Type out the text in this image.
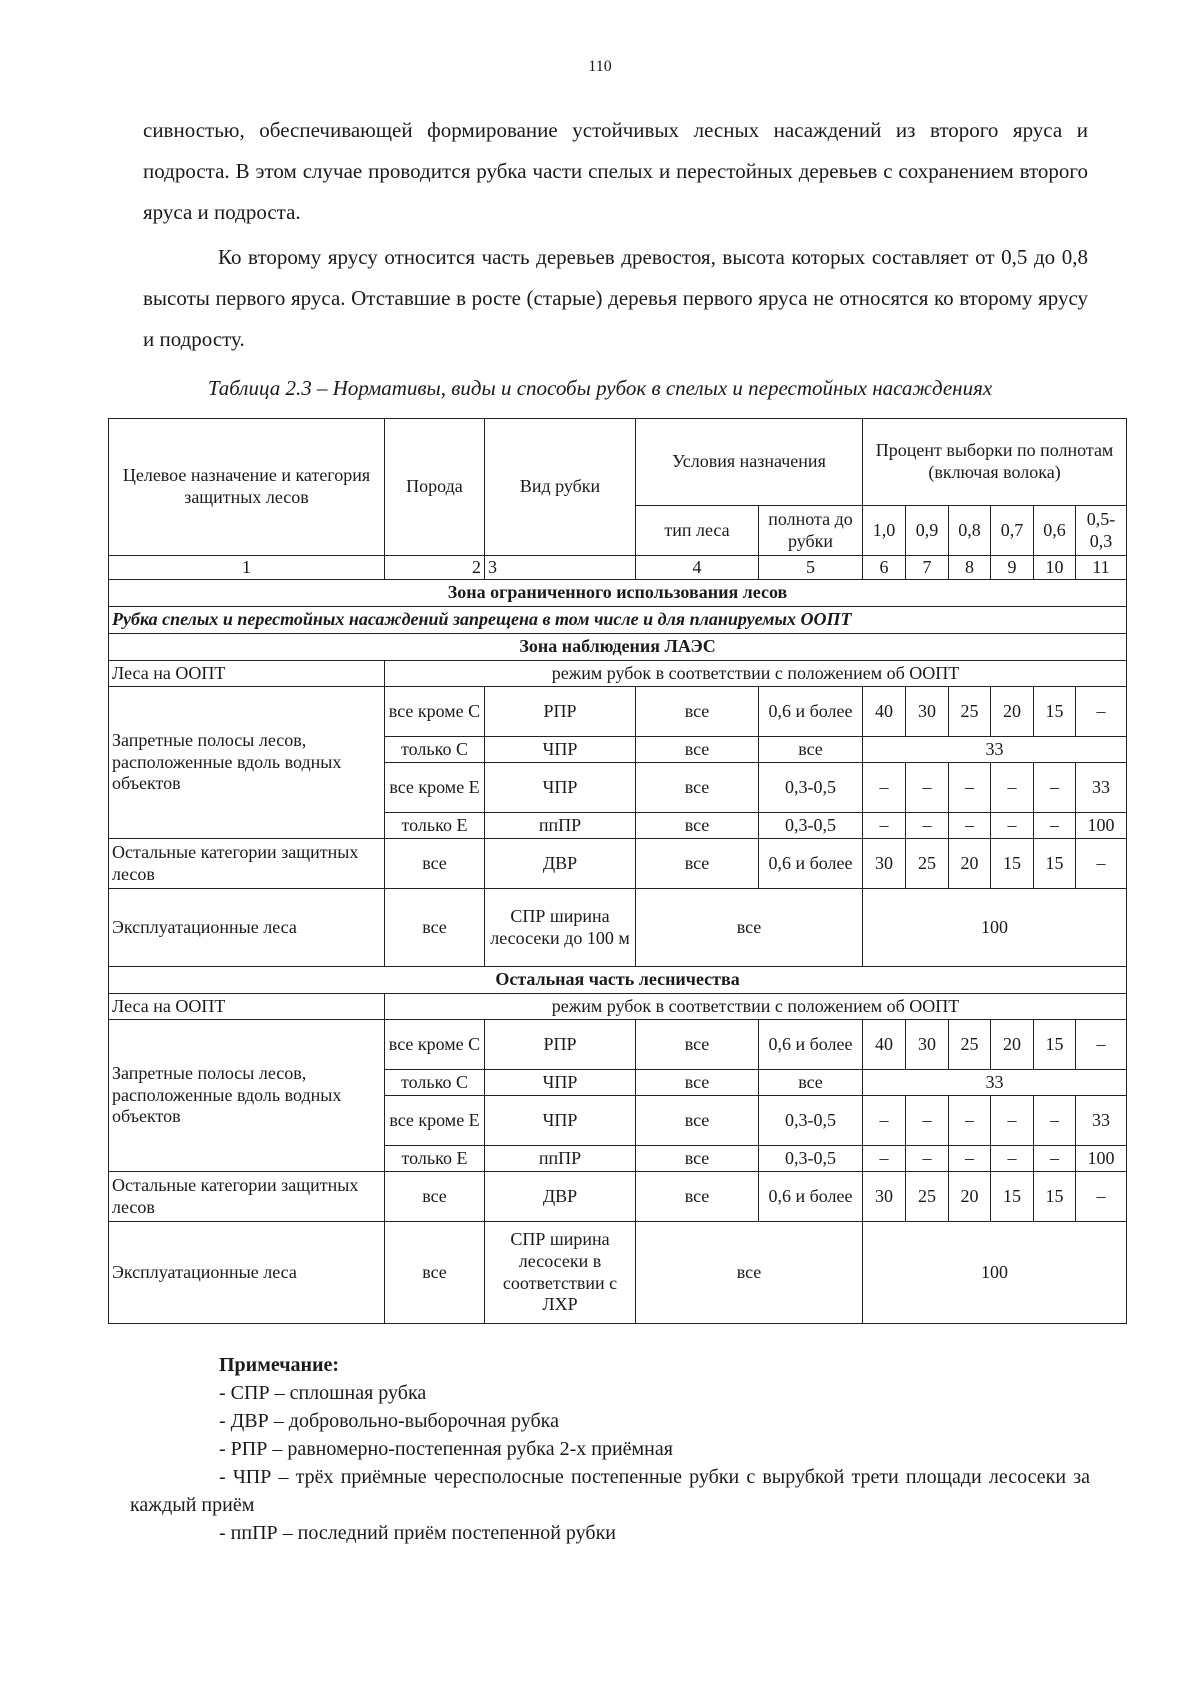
110

сивностью, обеспечивающей формирование устойчивых лесных насаждений из второго яруса и подроста. В этом случае проводится рубка части спелых и перестойных деревьев с сохранением второго яруса и подроста.

Ко второму ярусу относится часть деревьев древостоя, высота которых составляет от 0,5 до 0,8 высоты первого яруса. Отставшие в росте (старые) деревья первого яруса не относятся ко второму ярусу и подросту.

Таблица 2.3 – Нормативы, виды и способы рубок в спелых и перестойных насаждениях
Целевое назначение и категория защитных лесов	Порода	Вид рубки	Условия назначения		Процент выборки по полнотам (включая волока)					
			тип леса	полнота до рубки	1,0	0,9	0,8	0,7	0,6	0,5-0,3
1	2	3	4	5	6	7	8	9	10	11
Зона ограниченного использования лесов										
Рубка спелых и перестойных насаждений запрещена в том числе и для планируемых ООПТ										
Зона наблюдения ЛАЭС										
Леса на ООПТ	режим рубок в соответствии с положением об ООПТ									
Запретные полосы лесов, расположенные вдоль водных объектов	все кроме С	РПР	все	0,6 и более	40	30	25	20	15	–
	только С	ЧПР	все	все	33					
	все кроме Е	ЧПР	все	0,3-0,5	–	–	–	–	–	33
	только Е	ппПР	все	0,3-0,5	–	–	–	–	–	100
Остальные категории защитных лесов	все	ДВР	все	0,6 и более	30	25	20	15	15	–
Эксплуатационные леса	все	СПР ширина лесосеки до 100 м	все		100					
Остальная часть лесничества										
Леса на ООПТ	режим рубок в соответствии с положением об ООПТ									
Запретные полосы лесов, расположенные вдоль водных объектов	все кроме С	РПР	все	0,6 и более	40	30	25	20	15	–
	только С	ЧПР	все	все	33					
	все кроме Е	ЧПР	все	0,3-0,5	–	–	–	–	–	33
	только Е	ппПР	все	0,3-0,5	–	–	–	–	–	100
Остальные категории защитных лесов	все	ДВР	все	0,6 и более	30	25	20	15	15	–
Эксплуатационные леса	все	СПР ширина лесосеки в соответствии с ЛХР	все		100					
Примечание:
- СПР – сплошная рубка
- ДВР – добровольно-выборочная рубка
- РПР – равномерно-постепенная рубка 2-х приёмная
- ЧПР – трёх приёмные чересполосные постепенные рубки с вырубкой трети площади лесосеки за каждый приём
- ппПР – последний приём постепенной рубки
